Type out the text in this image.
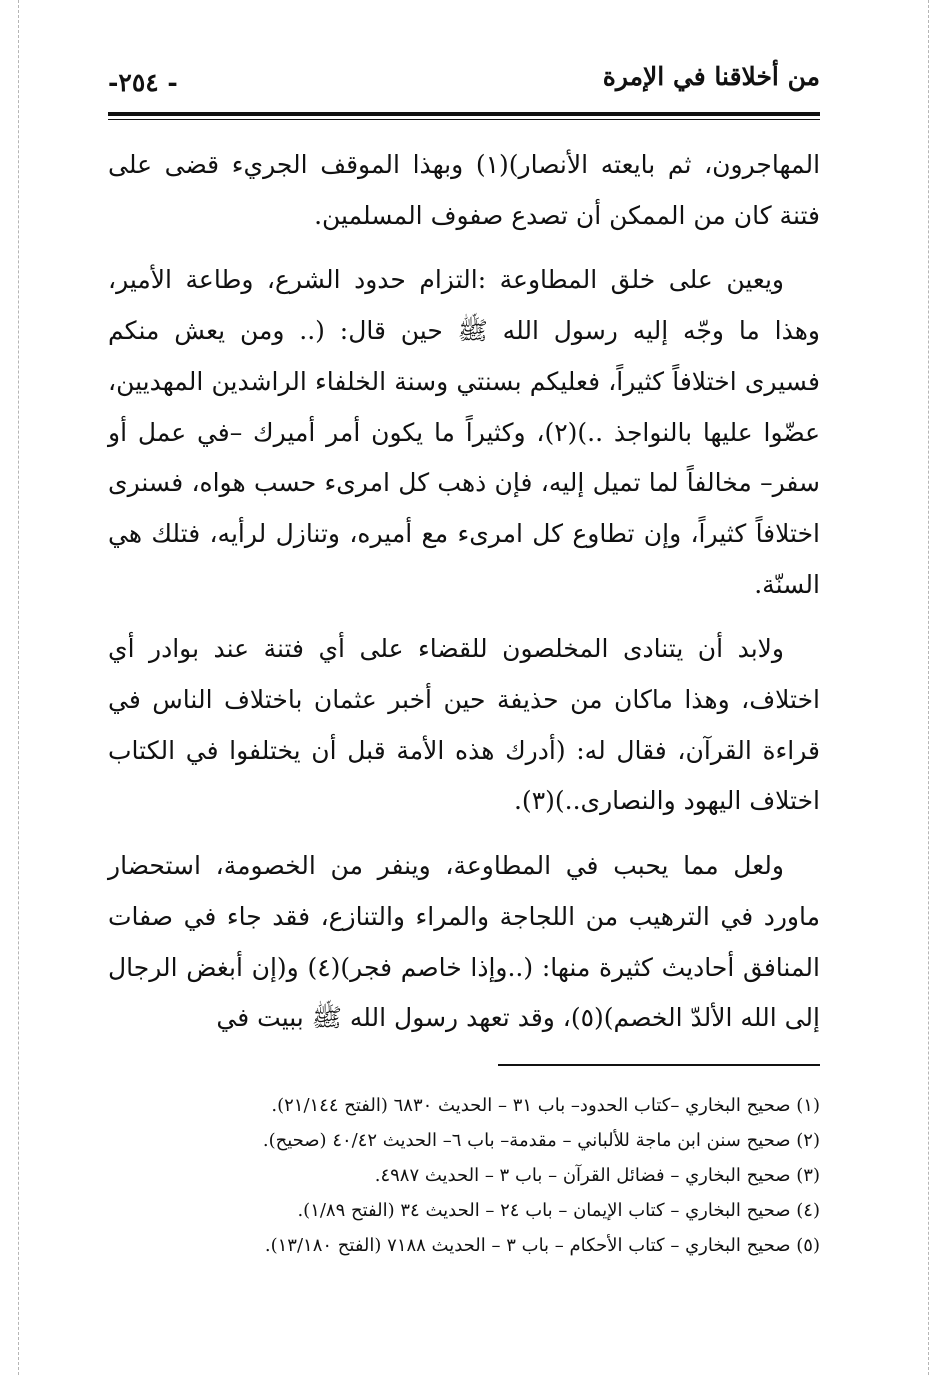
من أخلاقنا في الإمرة
-٢٥٤ -

المهاجرون، ثم بايعته الأنصار)(١) وبهذا الموقف الجريء قضى على فتنة كان من الممكن أن تصدع صفوف المسلمين.

ويعين على خلق المطاوعة :التزام حدود الشرع، وطاعة الأمير، وهذا ما وجّه إليه رسول الله ﷺ حين قال: (.. ومن يعش منكم فسيرى اختلافاً كثيراً، فعليكم بسنتي وسنة الخلفاء الراشدين المهديين، عضّوا عليها بالنواجذ ..)(٢)، وكثيراً ما يكون أمر أميرك –في عمل أو سفر– مخالفاً لما تميل إليه، فإن ذهب كل امرىء حسب هواه، فسنرى اختلافاً كثيراً، وإن تطاوع كل امرىء مع أميره، وتنازل لرأيه، فتلك هي السنّة.

ولابد أن يتنادى المخلصون للقضاء على أي فتنة عند بوادر أي اختلاف، وهذا ماكان من حذيفة حين أخبر عثمان باختلاف الناس في قراءة القرآن، فقال له: (أدرك هذه الأمة قبل أن يختلفوا في الكتاب اختلاف اليهود والنصارى..)(٣).

ولعل مما يحبب في المطاوعة، وينفر من الخصومة، استحضار ماورد في الترهيب من اللجاجة والمراء والتنازع، فقد جاء في صفات المنافق أحاديث كثيرة منها: (..وإذا خاصم فجر)(٤) و(إن أبغض الرجال إلى الله الألدّ الخصم)(٥)، وقد تعهد رسول الله ﷺ ببيت في

(١) صحيح البخاري –كتاب الحدود– باب ٣١ – الحديث ٦٨٣٠ (الفتح ٢١/١٤٤).

(٢) صحيح سنن ابن ماجة للألباني – مقدمة– باب ٦– الحديث ٤٠/٤٢ (صحيح).

(٣) صحيح البخاري – فضائل القرآن – باب ٣ – الحديث ٤٩٨٧.

(٤) صحيح البخاري – كتاب الإيمان – باب ٢٤ – الحديث ٣٤ (الفتح ١/٨٩).

(٥) صحيح البخاري – كتاب الأحكام – باب ٣ – الحديث ٧١٨٨ (الفتح ١٣/١٨٠).
